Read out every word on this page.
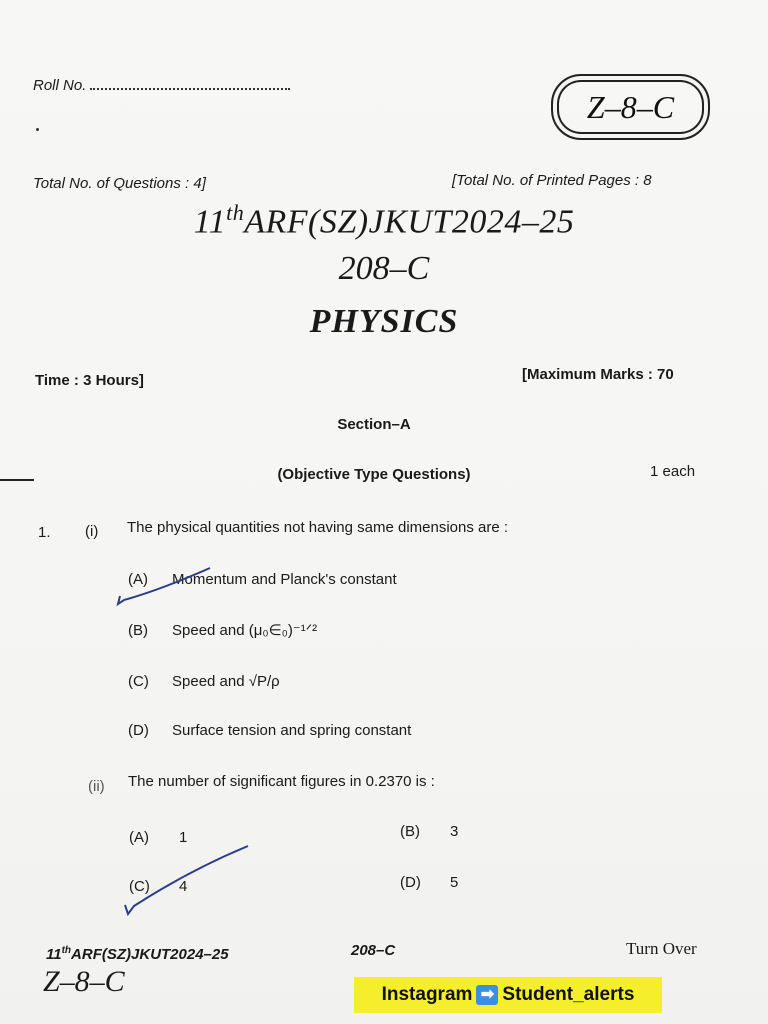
Roll No.
Z–8–C
Total No. of Questions : 4]	[Total No. of Printed Pages : 8
11thARF(SZ)JKUT2024–25
208–C
PHYSICS
Time : 3 Hours]	[Maximum Marks : 70
Section–A
(Objective Type Questions)	1 each
1. (i) The physical quantities not having same dimensions are :
(A) Momentum and Planck's constant
(B) Speed and (μ₀∈₀)⁻¹ᐟ²
(C) Speed and √P/ρ
(D) Surface tension and spring constant
(ii) The number of significant figures in 0.2370 is :
(A) 1	(B) 3
(C) 4	(D) 5
11thARF(SZ)JKUT2024–25	208–C	Turn Over
Z–8–C	Instagram ➡ Student_alerts
